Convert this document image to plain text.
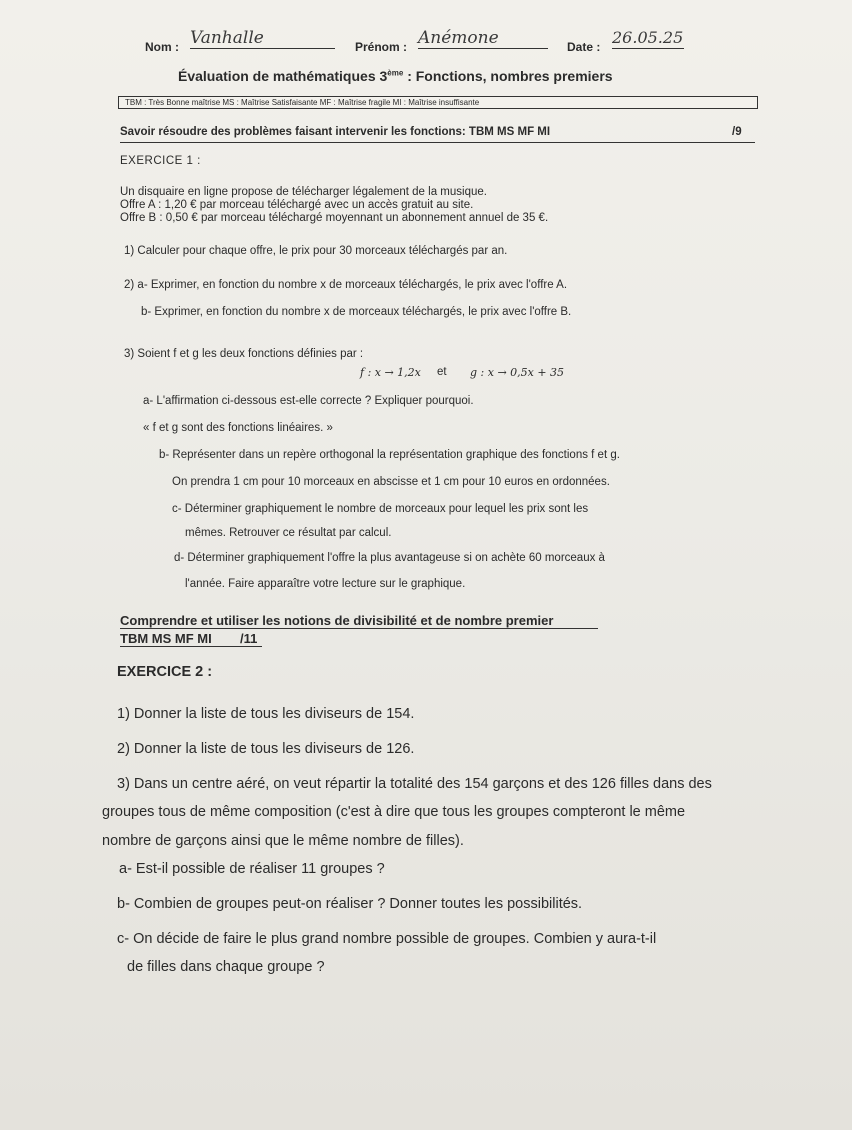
Nom : Vanhalle	Prénom : Anémone	Date : 26.05.25
Évaluation de mathématiques 3ème : Fonctions, nombres premiers
TBM : Très Bonne maîtrise MS : Maîtrise Satisfaisante MF : Maîtrise fragile MI : Maîtrise insuffisante
Savoir résoudre des problèmes faisant intervenir les fonctions: TBM MS MF MI	/9
EXERCICE 1 :
Un disquaire en ligne propose de télécharger légalement de la musique.
Offre A : 1,20 € par morceau téléchargé avec un accès gratuit au site.
Offre B : 0,50 € par morceau téléchargé moyennant un abonnement annuel de 35 €.
1) Calculer pour chaque offre, le prix pour 30 morceaux téléchargés par an.
2) a- Exprimer, en fonction du nombre x de morceaux téléchargés, le prix avec l'offre A.
b- Exprimer, en fonction du nombre x de morceaux téléchargés, le prix avec l'offre B.
3) Soient f et g les deux fonctions définies par :
f : x → 1,2x et g : x → 0,5x + 35
a- L'affirmation ci-dessous est-elle correcte ? Expliquer pourquoi.
« f et g sont des fonctions linéaires. »
b- Représenter dans un repère orthogonal la représentation graphique des fonctions f et g.
On prendra 1 cm pour 10 morceaux en abscisse et 1 cm pour 10 euros en ordonnées.
c- Déterminer graphiquement le nombre de morceaux pour lequel les prix sont les
mêmes. Retrouver ce résultat par calcul.
d- Déterminer graphiquement l'offre la plus avantageuse si on achète 60 morceaux à
l'année. Faire apparaître votre lecture sur le graphique.
Comprendre et utiliser les notions de divisibilité et de nombre premier
TBM MS MF MI /11
EXERCICE 2 :
1) Donner la liste de tous les diviseurs de 154.
2) Donner la liste de tous les diviseurs de 126.
3) Dans un centre aéré, on veut répartir la totalité des 154 garçons et des 126 filles dans des
groupes tous de même composition (c'est à dire que tous les groupes compteront le même
nombre de garçons ainsi que le même nombre de filles).
a- Est-il possible de réaliser 11 groupes ?
b- Combien de groupes peut-on réaliser ? Donner toutes les possibilités.
c- On décide de faire le plus grand nombre possible de groupes. Combien y aura-t-il
de filles dans chaque groupe ?
